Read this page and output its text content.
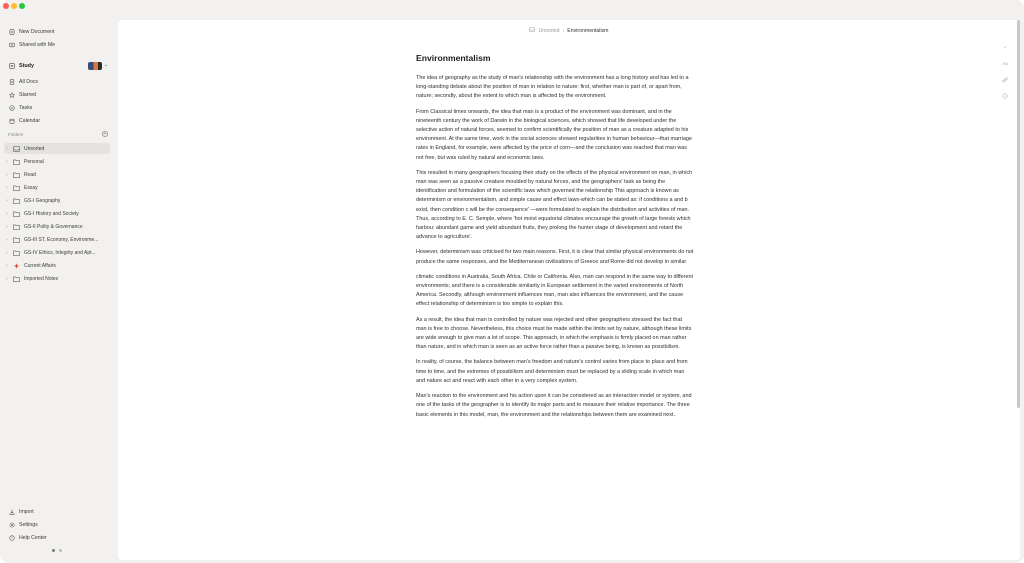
New Document
Shared with Me
Study	⌄
All Docs
Starred
Tasks
Calendar
Folders	+
›	Unsorted
›	Personal
›	Read
›	Essay
›	GS-I Geography
›	GS-I History and Society
›	GS-II Polity & Governance
›	GS-III ST, Economy, Environme...
›	GS-IV Ethics, Integrity and Apt...
›	Current Affairs
›	Imported Notes
Import
Settings
? Help Center
Unsorted › Environmentalism
Environmentalism

The idea of geography as the study of man's relationship with the environment has a long history and has led to a long-standing debate about the position of man in relation to nature: first, whether man is part of, or apart from, nature; secondly, about the extent to which man is affected by the environment.

From Classical times onwards, the idea that man is a product of the environment was dominant, and in the nineteenth century the work of Darwin in the biological sciences, which showed that life developed under the selective action of natural forces, seemed to confirm scientifically the position of man as a creature adapted to his environment. At the same time, work in the social sciences showed regularities in human behaviour—that marriage rates in England, for example, were affected by the price of corn—and the conclusion was reached that man was not free, but was ruled by natural and economic laws.

This resulted in many geographers focusing their study on the effects of the physical environment on man, in which man was seen as a passive creature moulded by natural forces, and the geographers' task as being the identification and formulation of the scientific laws which governed the relationship This approach is known as determinism or environmentalism, and simple cause and effect laws-which can be stated as: if conditions a and b exist, then condition c will be the consequence' —were formulated to explain the distribution and activities of man. Thus, according to E. C. Semple, where 'hot moist equatorial climates encourage the growth of large forests which harbou: abundant game and yield abundant fruits, they prolong the hunter stage of development and retard the advance to agriculture'.

However, determinism was criticised for two main reasons. First, it is clear that similar physical environments do not produce the same responses, and the Mediterranean civilisations of Greece and Rome did not develop in similar

climatic conditions in Australia, South Africa, Chile or California. Also, man can respond in the same way to different environments; and there is a considerable similarity in European settlement in the varied environments of North America. Secondly, although environment influences man, man also influences the environment, and the cause effect relationship of determinism is too simple to explain this.

As a result, the idea that man is controlled by nature was rejected and other geographers stressed the fact that man is free to choose. Nevertheless, this choice must be made within the limits set by nature, although these limits are wide enough to give man a lot of scope. This approach, in which the emphasis is firmly placed on man rather than nature, and in which man is seen as an active force rather than a passive being, is known as possibilism.

In reality, of course, the balance between man's freedom and nature's control varies from place to place and from time to time, and the extremes of possibilism and determinism must be replaced by a sliding scale in which man and nature act and react with each other in a very complex system.

Man's reaction to the environment and his action upon it can be considered as an interaction model or system, and one of the tasks of the geographer is to identify its major parts and to measure their relative importance. The three basic elements in this model, man, the environment and the relationships between them are examined next.

+
Aa
